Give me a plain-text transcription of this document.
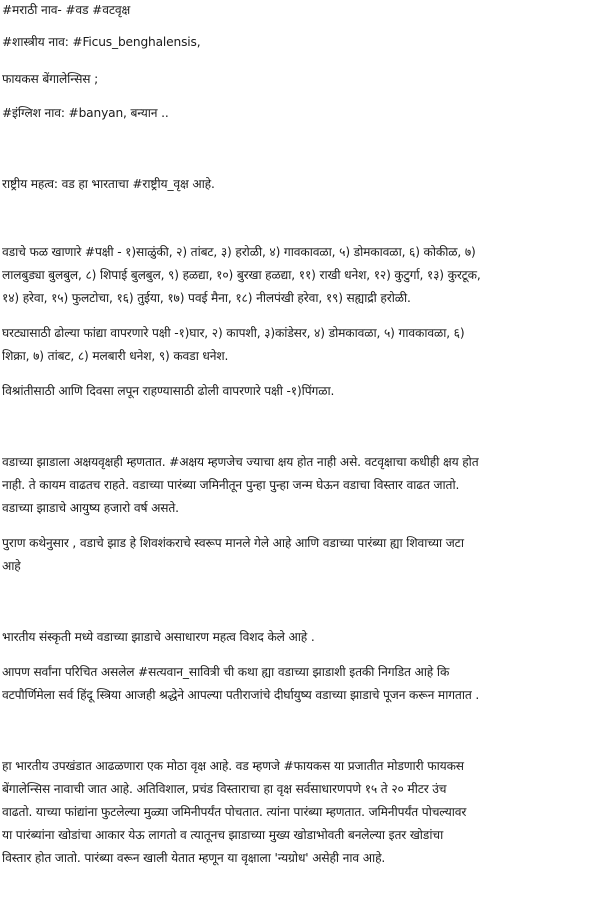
#मराठी नाव- #वड #वटवृक्ष
#शास्त्रीय नाव: #Ficus_benghalensis,
फायकस बेंगालेन्सिस ;
#इंग्लिश नाव: #banyan, बन्यान ..
राष्ट्रीय महत्व: वड हा भारताचा #राष्ट्रीय_वृक्ष आहे.
वडाचे फळ खाणारे #पक्षी - १)साळुंकी, २) तांबट, ३) हरोळी, ४) गावकावळा, ५) डोमकावळा, ६) कोकीळ, ७)
लालबुड्या बुलबुल, ८) शिपाई बुलबुल, ९) हळद्या, १०) बुरखा हळद्या, ११) राखी धनेश, १२) कुटुर्गा, १३) कुरटूक,
१४) हरेवा, १५) फुलटोचा, १६) तुईया, १७) पवई मैना, १८) नीलपंखी हरेवा, १९) सह्याद्री हरोळी.
घरट्यासाठी ढोल्या फांद्या वापरणारे पक्षी -१)घार, २) कापशी, ३)कांडेसर, ४) डोमकावळा, ५) गावकावळा, ६)
शिक्रा, ७) तांबट, ८) मलबारी धनेश, ९) कवडा धनेश.
विश्रांतीसाठी आणि दिवसा लपून राहण्यासाठी ढोली वापरणारे पक्षी -१)पिंगळा.
वडाच्या झाडाला अक्षयवृक्षही म्हणतात. #अक्षय म्हणजेच ज्याचा क्षय होत नाही असे. वटवृक्षाचा कधीही क्षय होत
नाही. ते कायम वाढतच राहते. वडाच्या पारंब्या जमिनीतून पुन्हा पुन्हा जन्म घेऊन वडाचा विस्तार वाढत जातो.
वडाच्या झाडाचे आयुष्य हजारो वर्ष असते.
पुराण कथेनुसार , वडाचे झाड हे शिवशंकराचे स्वरूप मानले गेले आहे आणि वडाच्या पारंब्या ह्या शिवाच्या जटा
आहे
भारतीय संस्कृती मध्ये वडाच्या झाडाचे असाधारण महत्व विशद केले आहे .
आपण सर्वांना परिचित असलेल #सत्यवान_सावित्री ची कथा ह्या वडाच्या झाडाशी इतकी निगडित आहे कि
वटपौर्णिमेला सर्व हिंदू स्त्रिया आजही श्रद्धेने आपल्या पतीराजांचे दीर्घायुष्य वडाच्या झाडाचे पूजन करून मागतात .
हा भारतीय उपखंडात आढळणारा एक मोठा वृक्ष आहे. वड म्हणजे #फायकस या प्रजातीत मोडणारी फायकस
बेंगालेन्सिस नावाची जात आहे. अतिविशाल, प्रचंड विस्ताराचा हा वृक्ष सर्वसाधारणपणे १५ ते २० मीटर उंच
वाढतो. याच्या फांद्यांना फुटलेल्या मुळ्या जमिनीपर्यंत पोचतात. त्यांना पारंब्या म्हणतात. जमिनीपर्यंत पोचल्यावर
या पारंब्यांना खोडांचा आकार येऊ लागतो व त्यातूनच झाडाच्या मुख्य खोडाभोवती बनलेल्या इतर खोडांचा
विस्तार होत जातो. पारंब्या वरून खाली येतात म्हणून या वृक्षाला 'न्यग्रोध' असेही नाव आहे.
